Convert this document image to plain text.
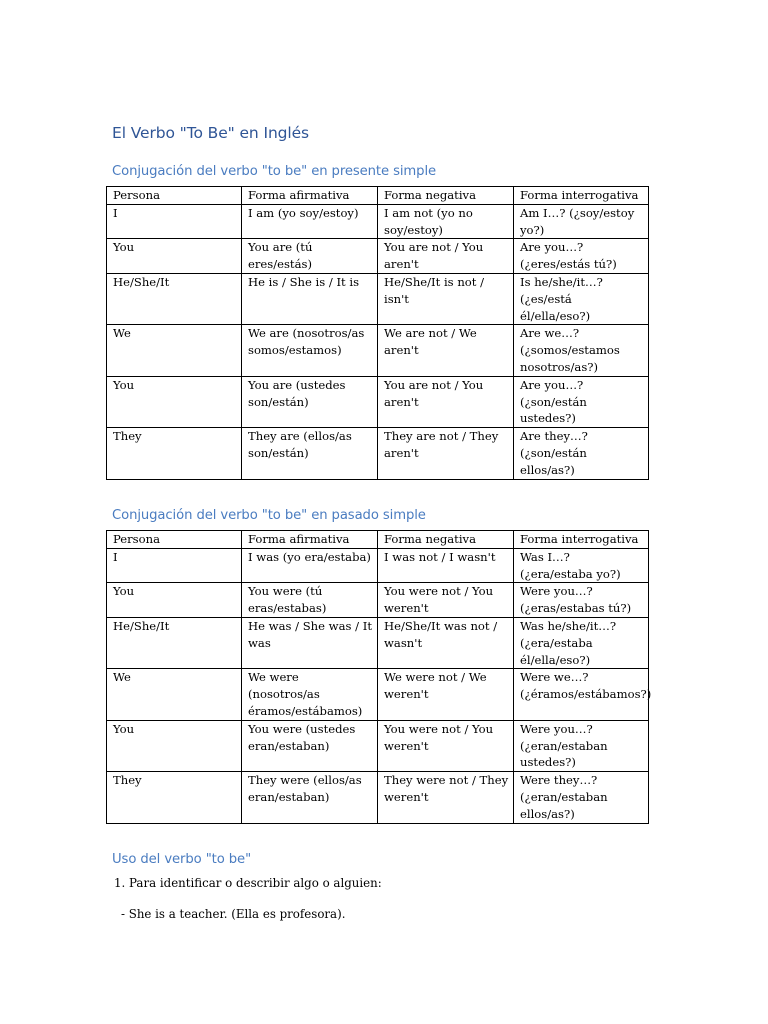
El Verbo "To Be" en Inglés
Conjugación del verbo "to be" en presente simple
Persona	Forma afirmativa	Forma negativa	Forma interrogativa
I	I am (yo soy/estoy)	I am not (yo no soy/estoy)	Am I…? (¿soy/estoy yo?)
You	You are (tú eres/estás)	You are not / You aren't	Are you…? (¿eres/estás tú?)
He/She/It	He is / She is / It is	He/She/It is not / isn't	Is he/she/it…? (¿es/está él/ella/eso?)
We	We are (nosotros/as somos/estamos)	We are not / We aren't	Are we…? (¿somos/estamos nosotros/as?)
You	You are (ustedes son/están)	You are not / You aren't	Are you…? (¿son/están ustedes?)
They	They are (ellos/as son/están)	They are not / They aren't	Are they…? (¿son/están ellos/as?)
Conjugación del verbo "to be" en pasado simple
Persona	Forma afirmativa	Forma negativa	Forma interrogativa
I	I was (yo era/estaba)	I was not / I wasn't	Was I…? (¿era/estaba yo?)
You	You were (tú eras/estabas)	You were not / You weren't	Were you…? (¿eras/estabas tú?)
He/She/It	He was / She was / It was	He/She/It was not / wasn't	Was he/she/it…? (¿era/estaba él/ella/eso?)
We	We were (nosotros/as éramos/estábamos)	We were not / We weren't	Were we…? (¿éramos/estábamos?)
You	You were (ustedes eran/estaban)	You were not / You weren't	Were you…? (¿eran/estaban ustedes?)
They	They were (ellos/as eran/estaban)	They were not / They weren't	Were they…? (¿eran/estaban ellos/as?)
Uso del verbo "to be"

1. Para identificar o describir algo o alguien:

- She is a teacher. (Ella es profesora).
